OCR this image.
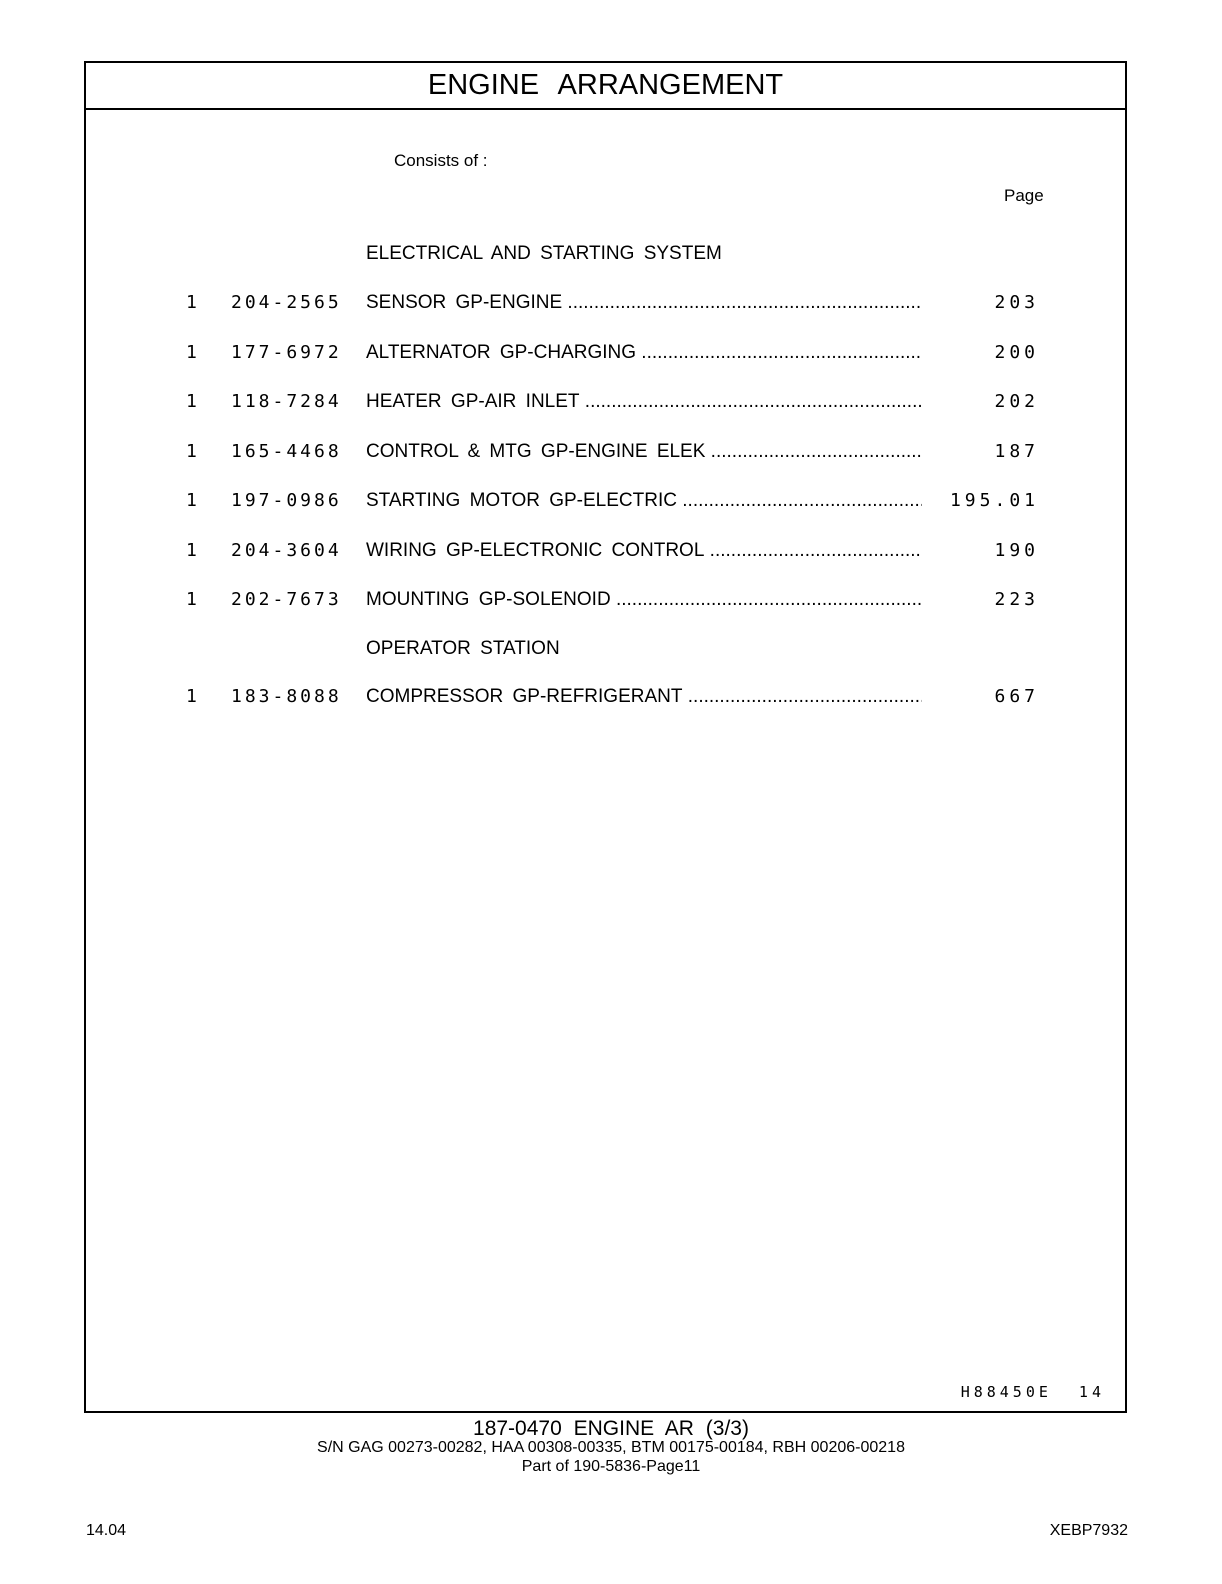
ENGINE ARRANGEMENT
Consists of :
Page
ELECTRICAL AND STARTING SYSTEM
1 204-2565 SENSOR GP-ENGINE .....	203
1 177-6972 ALTERNATOR GP-CHARGING .....	200
1 118-7284 HEATER GP-AIR INLET .....	202
1 165-4468 CONTROL & MTG GP-ENGINE ELEK .....	187
1 197-0986 STARTING MOTOR GP-ELECTRIC .....	195.01
1 204-3604 WIRING GP-ELECTRONIC CONTROL .....	190
1 202-7673 MOUNTING GP-SOLENOID .....	223
OPERATOR STATION
1 183-8088 COMPRESSOR GP-REFRIGERANT .....	667
H88450E 14
187-0470 ENGINE AR (3/3)
S/N GAG 00273-00282, HAA 00308-00335, BTM 00175-00184, RBH 00206-00218
Part of 190-5836-Page11
14.04	XEBP7932
